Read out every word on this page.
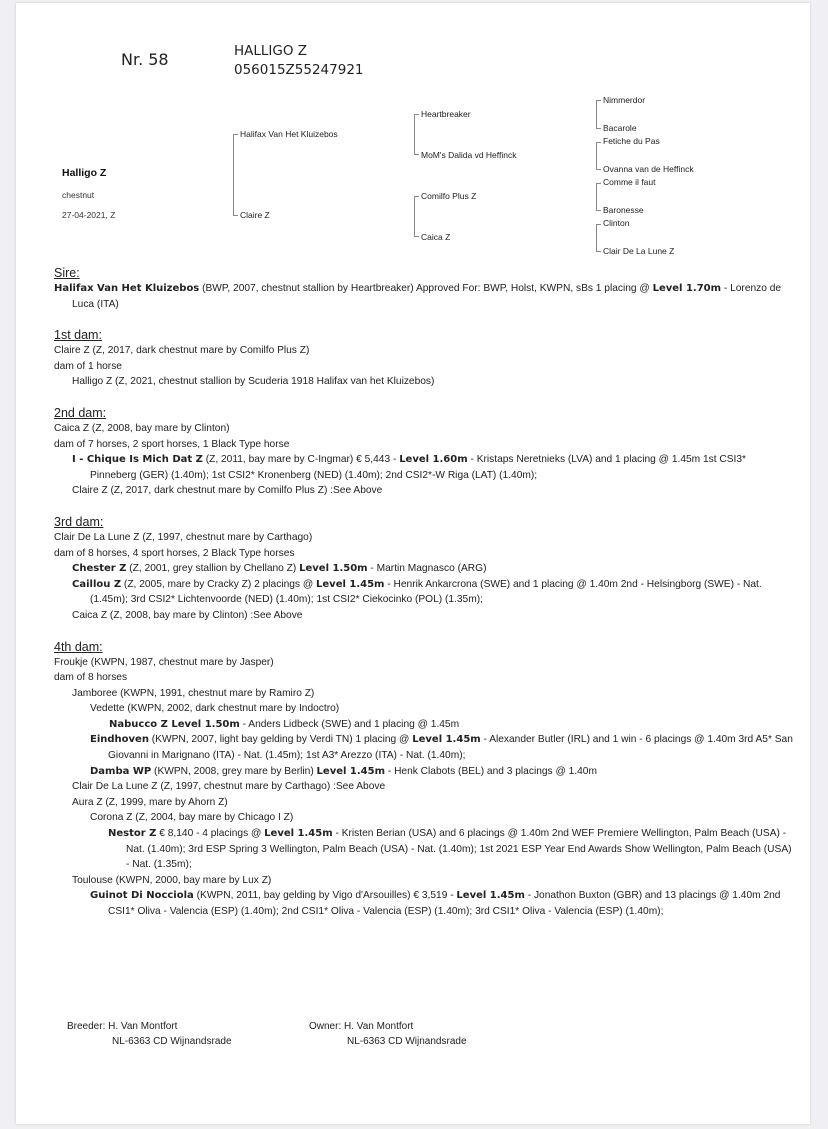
Nr. 58	HALLIGO Z
056015Z55247921
Halligo Z
chestnut
27-04-2021, Z
Halifax Van Het Kluizebos
Claire Z
Heartbreaker
MoM's Dalida vd Heffinck
Comilfo Plus Z
Caica Z
Nimmerdor
Bacarole
Fetiche du Pas
Ovanna van de Heffinck
Comme il faut
Baronesse
Clinton
Clair De La Lune Z
Sire:
Halifax Van Het Kluizebos (BWP, 2007, chestnut stallion by Heartbreaker) Approved For: BWP, Holst, KWPN, sBs 1 placing @ Level 1.70m - Lorenzo de Luca (ITA)
1st dam:
Claire Z (Z, 2017, dark chestnut mare by Comilfo Plus Z)
dam of 1 horse
Halligo Z (Z, 2021, chestnut stallion by Scuderia 1918 Halifax van het Kluizebos)
2nd dam:
Caica Z (Z, 2008, bay mare by Clinton)
dam of 7 horses, 2 sport horses, 1 Black Type horse
I - Chique Is Mich Dat Z (Z, 2011, bay mare by C-Ingmar) € 5,443 - Level 1.60m - Kristaps Neretnieks (LVA) and 1 placing @ 1.45m 1st CSI3* Pinneberg (GER) (1.40m); 1st CSI2* Kronenberg (NED) (1.40m); 2nd CSI2*-W Riga (LAT) (1.40m);
Claire Z (Z, 2017, dark chestnut mare by Comilfo Plus Z) :See Above
3rd dam:
Clair De La Lune Z (Z, 1997, chestnut mare by Carthago)
dam of 8 horses, 4 sport horses, 2 Black Type horses
Chester Z (Z, 2001, grey stallion by Chellano Z) Level 1.50m - Martin Magnasco (ARG)
Caillou Z (Z, 2005, mare by Cracky Z) 2 placings @ Level 1.45m - Henrik Ankarcrona (SWE) and 1 placing @ 1.40m 2nd - Helsingborg (SWE) - Nat. (1.45m); 3rd CSI2* Lichtenvoorde (NED) (1.40m); 1st CSI2* Ciekocinko (POL) (1.35m);
Caica Z (Z, 2008, bay mare by Clinton) :See Above
4th dam:
Froukje (KWPN, 1987, chestnut mare by Jasper)
dam of 8 horses
Jamboree (KWPN, 1991, chestnut mare by Ramiro Z)
Vedette (KWPN, 2002, dark chestnut mare by Indoctro)
Nabucco Z Level 1.50m - Anders Lidbeck (SWE) and 1 placing @ 1.45m
Eindhoven (KWPN, 2007, light bay gelding by Verdi TN) 1 placing @ Level 1.45m - Alexander Butler (IRL) and 1 win - 6 placings @ 1.40m 3rd A5* San Giovanni in Marignano (ITA) - Nat. (1.45m); 1st A3* Arezzo (ITA) - Nat. (1.40m);
Damba WP (KWPN, 2008, grey mare by Berlin) Level 1.45m - Henk Clabots (BEL) and 3 placings @ 1.40m
Clair De La Lune Z (Z, 1997, chestnut mare by Carthago) :See Above
Aura Z (Z, 1999, mare by Ahorn Z)
Corona Z (Z, 2004, bay mare by Chicago I Z)
Nestor Z € 8,140 - 4 placings @ Level 1.45m - Kristen Berian (USA) and 6 placings @ 1.40m 2nd WEF Premiere Wellington, Palm Beach (USA) - Nat. (1.40m); 3rd ESP Spring 3 Wellington, Palm Beach (USA) - Nat. (1.40m); 1st 2021 ESP Year End Awards Show Wellington, Palm Beach (USA) - Nat. (1.35m);
Toulouse (KWPN, 2000, bay mare by Lux Z)
Guinot Di Nocciola (KWPN, 2011, bay gelding by Vigo d'Arsouilles) € 3,519 - Level 1.45m - Jonathon Buxton (GBR) and 13 placings @ 1.40m 2nd CSI1* Oliva - Valencia (ESP) (1.40m); 2nd CSI1* Oliva - Valencia (ESP) (1.40m); 3rd CSI1* Oliva - Valencia (ESP) (1.40m);
Breeder: H. Van Montfort
NL-6363 CD Wijnandsrade
Owner: H. Van Montfort
NL-6363 CD Wijnandsrade
